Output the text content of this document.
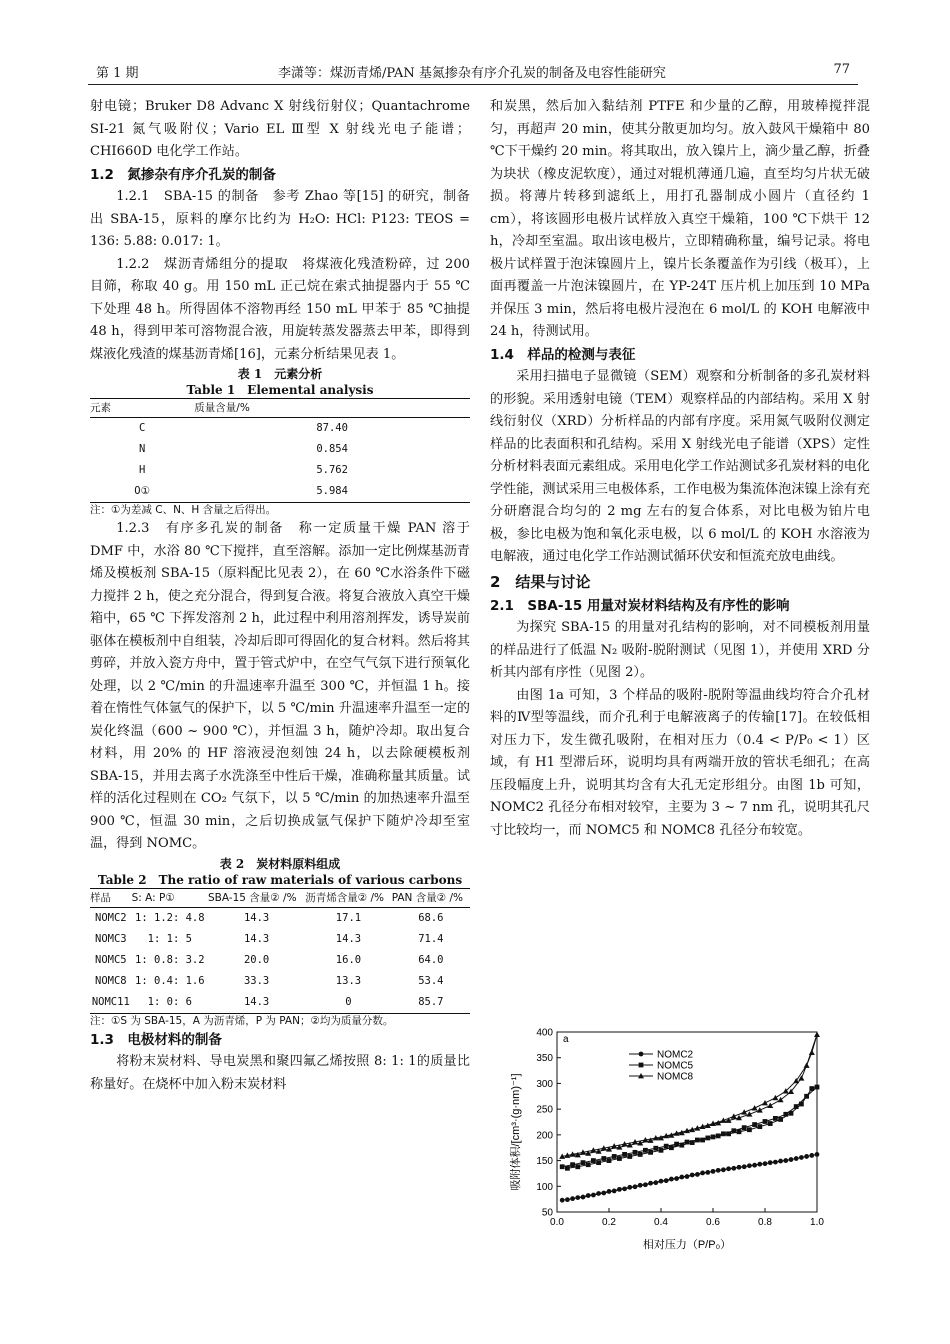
第 1 期	李潇等：煤沥青烯/PAN 基氮掺杂有序介孔炭的制备及电容性能研究	77

射电镜；Bruker D8 Advanc X 射线衍射仪；Quantachrome SI-21 氮气吸附仪；Vario EL Ⅲ型 X 射线光电子能谱；CHI660D 电化学工作站。

1.2　氮掺杂有序介孔炭的制备

1.2.1　SBA-15 的制备　参考 Zhao 等[15] 的研究，制备出 SBA-15，原料的摩尔比约为 H₂O: HCl: P123: TEOS = 136: 5.88: 0.017: 1。

1.2.2　煤沥青烯组分的提取　将煤液化残渣粉碎，过 200 目筛，称取 40 g。用 150 mL 正己烷在索式抽提器内于 55 ℃下处理 48 h。所得固体不溶物再经 150 mL 甲苯于 85 ℃抽提 48 h，得到甲苯可溶物混合液，用旋转蒸发器蒸去甲苯，即得到煤液化残渣的煤基沥青烯[16]，元素分析结果见表 1。

表 1　元素分析
Table 1　Elemental analysis
元素	质量含量/%
C	87.40
N	0.854
H	5.762
O①	5.984
注：①为差减 C、N、H 含量之后得出。

1.2.3　有序多孔炭的制备　称一定质量干燥 PAN 溶于 DMF 中，水浴 80 ℃下搅拌，直至溶解。添加一定比例煤基沥青烯及模板剂 SBA-15（原料配比见表 2），在 60 ℃水浴条件下磁力搅拌 2 h，使之充分混合，得到复合液。将复合液放入真空干燥箱中，65 ℃ 下挥发溶剂 2 h，此过程中利用溶剂挥发，诱导炭前驱体在模板剂中自组装，冷却后即可得固化的复合材料。然后将其剪碎，并放入瓷方舟中，置于管式炉中，在空气气氛下进行预氧化处理，以 2 ℃/min 的升温速率升温至 300 ℃，并恒温 1 h。接着在惰性气体氩气的保护下，以 5 ℃/min 升温速率升温至一定的炭化终温（600 ~ 900 ℃），并恒温 3 h，随炉冷却。取出复合材料，用 20% 的 HF 溶液浸泡刻蚀 24 h，以去除硬模板剂 SBA-15，并用去离子水洗涤至中性后干燥，准确称量其质量。试样的活化过程则在 CO₂ 气氛下，以 5 ℃/min 的加热速率升温至 900 ℃，恒温 30 min，之后切换成氩气保护下随炉冷却至室温，得到 NOMC。

表 2　炭材料原料组成
Table 2　The ratio of raw materials of various carbons
样品	S: A: P①	SBA-15 含量② /%	沥青烯含量② /%	PAN 含量② /%
NOMC2	1: 1.2: 4.8	14.3	17.1	68.6
NOMC3	1: 1: 5	14.3	14.3	71.4
NOMC5	1: 0.8: 3.2	20.0	16.0	64.0
NOMC8	1: 0.4: 1.6	33.3	13.3	53.4
NOMC11	1: 0: 6	14.3	0	85.7
注：①S 为 SBA-15，A 为沥青烯，P 为 PAN；②均为质量分数。

1.3　电极材料的制备

将粉末炭材料、导电炭黑和聚四氟乙烯按照 8: 1: 1的质量比称量好。在烧杯中加入粉末炭材料

和炭黑，然后加入黏结剂 PTFE 和少量的乙醇，用玻棒搅拌混匀，再超声 20 min，使其分散更加均匀。放入鼓风干燥箱中 80 ℃下干燥约 20 min。将其取出，放入镍片上，滴少量乙醇，折叠为块状（橡皮泥软度），通过对辊机薄通几遍，直至均匀片状无破损。将薄片转移到滤纸上，用打孔器制成小圆片（直径约 1 cm），将该圆形电极片试样放入真空干燥箱，100 ℃下烘干 12 h，冷却至室温。取出该电极片，立即精确称量，编号记录。将电极片试样置于泡沫镍圆片上，镍片长条覆盖作为引线（极耳），上面再覆盖一片泡沫镍圆片，在 YP-24T 压片机上加压到 10 MPa 并保压 3 min，然后将电极片浸泡在 6 mol/L 的 KOH 电解液中 24 h，待测试用。

1.4　样品的检测与表征

采用扫描电子显微镜（SEM）观察和分析制备的多孔炭材料的形貌。采用透射电镜（TEM）观察样品的内部结构。采用 X 射线衍射仪（XRD）分析样品的内部有序度。采用氮气吸附仪测定样品的比表面积和孔结构。采用 X 射线光电子能谱（XPS）定性分析材料表面元素组成。采用电化学工作站测试多孔炭材料的电化学性能，测试采用三电极体系，工作电极为集流体泡沫镍上涂有充分研磨混合均匀的 2 mg 左右的复合体系，对比电极为铂片电极，参比电极为饱和氧化汞电极，以 6 mol/L 的 KOH 水溶液为电解液，通过电化学工作站测试循环伏安和恒流充放电曲线。

2　结果与讨论

2.1　SBA-15 用量对炭材料结构及有序性的影响

为探究 SBA-15 的用量对孔结构的影响，对不同模板剂用量的样品进行了低温 N₂ 吸附-脱附测试（见图 1），并使用 XRD 分析其内部有序性（见图 2）。

由图 1a 可知，3 个样品的吸附-脱附等温曲线均符合介孔材料的Ⅳ型等温线，而介孔利于电解液离子的传输[17]。在较低相对压力下，发生微孔吸附，在相对压力（0.4 < P/P₀ < 1）区域，有 H1 型滞后环，说明均具有两端开放的管状毛细孔；在高压段幅度上升，说明其均含有大孔无定形组分。由图 1b 可知，NOMC2 孔径分布相对较窄，主要为 3 ~ 7 nm 孔，说明其孔尺寸比较均一，而 NOMC5 和 NOMC8 孔径分布较宽。

0.0	0.2	0.4	0.6	0.8	1.0
50
100
150
200
250
300
350
400
NOMC2
NOMC5
NOMC8
a
相对压力（P/P₀）
吸附体积/[cm³·(g·nm)⁻¹]
